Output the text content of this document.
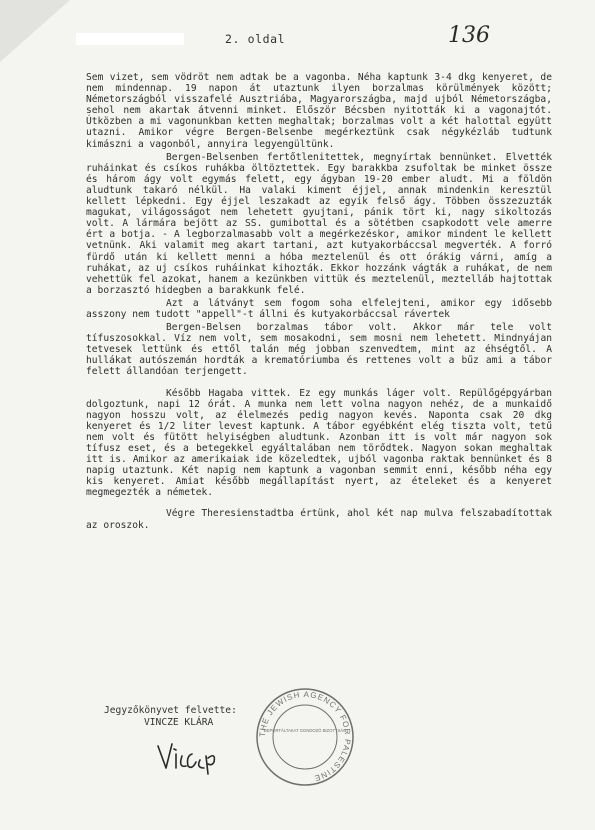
2. oldal	136

Sem vizet, sem vödröt nem adtak be a vagonba. Néha kaptunk 3-4 dkg kenyeret, de nem mindennap. 19 napon át utaztunk ilyen borzalmas körülmények között; Németországból visszafelé Ausztriába, Magyarországba, majd ujból Németországba, sehol nem akartak átvenni minket. Először Bécsben nyitották ki a vagonajtót. Útközben a mi vagonunkban ketten meghaltak; borzalmas volt a két halottal együtt utazni. Amikor végre Bergen-Belsenbe megérkeztünk csak négykézláb tudtunk kimászni a vagonból, annyira legyengültünk.

Bergen-Belsenben fertőtlenitettek, megnyírtak bennünket. Elvették ruháinkat és csíkos ruhákba öltöztettek. Egy barakkba zsufoltak be minket össze és három ágy volt egymás felett, egy ágyban 19-20 ember aludt. Mi a földön aludtunk takaró nélkül. Ha valaki kiment éjjel, annak mindenkin keresztül kellett lépkedni. Egy éjjel leszakadt az egyik felső ágy. Többen összezuzták magukat, világosságot nem lehetett gyujtani, pánik tört ki, nagy sikoltozás volt. A lármára bejött az SS. gumibottal és a sötétben csapkodott vele amerre ért a botja. - A legborzalmasabb volt a megérkezéskor, amikor mindent le kellett vetnünk. Aki valamit meg akart tartani, azt kutyakorbáccsal megverték. A forró fürdő után ki kellett menni a hóba meztelenül és ott órákig várni, amíg a ruhákat, az uj csíkos ruháinkat kihozták. Ekkor hozzánk vágták a ruhákat, de nem vehettük fel azokat, hanem a kezünkben vittük és meztelenül, meztelláb hajtottak a borzasztó hidegben a barakkunk felé.

Azt a látványt sem fogom soha elfelejteni, amikor egy idősebb asszony nem tudott "appell"-t állni és kutyakorbáccsal rávertek

Bergen-Belsen borzalmas tábor volt. Akkor már tele volt tífuszosokkal. Víz nem volt, sem mosakodni, sem mosni nem lehetett. Mindnyájan tetvesek lettünk és ettől talán még jobban szenvedtem, mint az éhségtől. A hullákat autószemán hordták a krematóriumba és rettenes volt a bűz ami a tábor felett állandóan terjengett.

Később Hagaba vittek. Ez egy munkás láger volt. Repülőgépgyárban dolgoztunk, napi 12 órát. A munka nem lett volna nagyon nehéz, de a munkaidő nagyon hosszu volt, az élelmezés pedig nagyon kevés. Naponta csak 20 dkg kenyeret és 1/2 liter levest kaptunk. A tábor egyébként elég tiszta volt, tetű nem volt és fütött helyiségben aludtunk. Azonban itt is volt már nagyon sok tífusz eset, és a betegekkel egyáltalában nem törődtek. Nagyon sokan meghaltak itt is. Amikor az amerikaiak ide közeledtek, ujból vagonba raktak bennünket és 8 napig utaztunk. Két napig nem kaptunk a vagonban semmit enni, később néha egy kis kenyeret. Amiat később megállapítást nyert, az ételeket és a kenyeret megmegezték a németek.

Végre Theresienstadtba értünk, ahol két nap mulva felszabadítottak az oroszok.

Jegyzőkönyvet felvette:
VINCZE KLÁRA
THE JEWISH AGENCY FOR PALESTINE
DEPORTÁLTAKAT GONDOZÓ BIZOTTSÁG
